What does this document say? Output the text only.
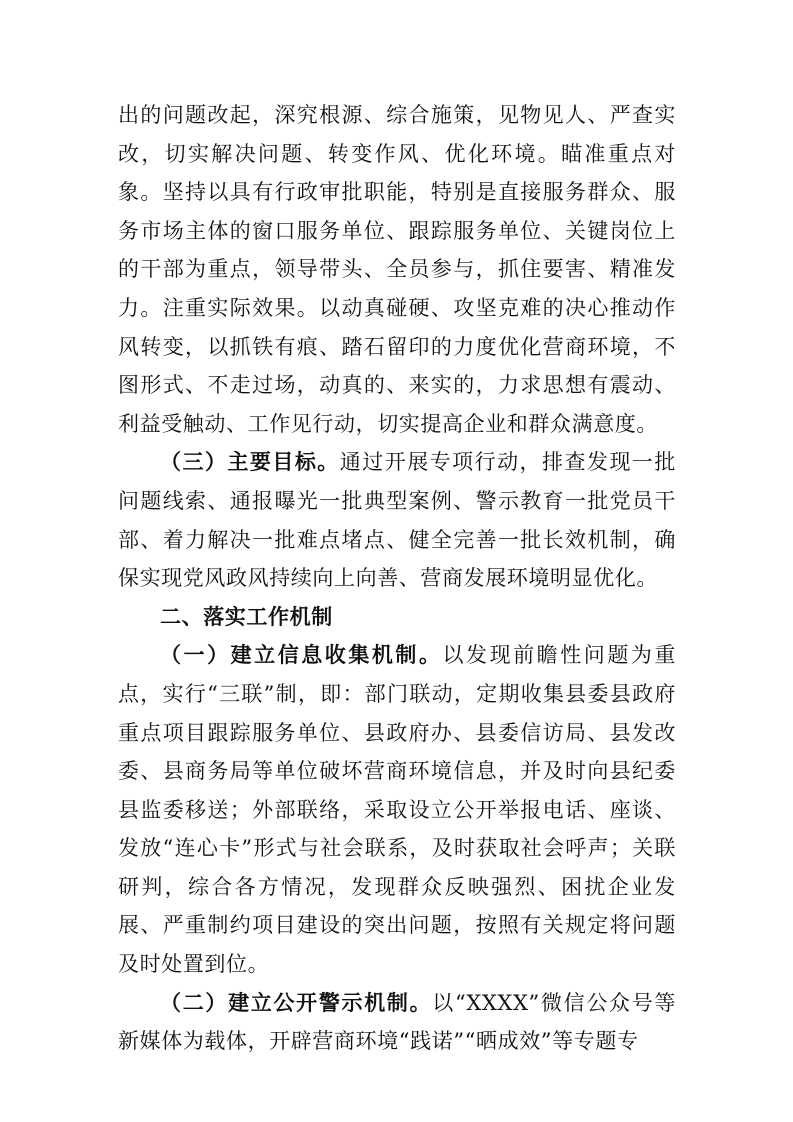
出的问题改起，深究根源、综合施策，见物见人、严查实改，切实解决问题、转变作风、优化环境。瞄准重点对象。坚持以具有行政审批职能，特别是直接服务群众、服务市场主体的窗口服务单位、跟踪服务单位、关键岗位上的干部为重点，领导带头、全员参与，抓住要害、精准发力。注重实际效果。以动真碰硬、攻坚克难的决心推动作风转变，以抓铁有痕、踏石留印的力度优化营商环境，不图形式、不走过场，动真的、来实的，力求思想有震动、利益受触动、工作见行动，切实提高企业和群众满意度。

（三）主要目标。通过开展专项行动，排查发现一批问题线索、通报曝光一批典型案例、警示教育一批党员干部、着力解决一批难点堵点、健全完善一批长效机制，确保实现党风政风持续向上向善、营商发展环境明显优化。

二、落实工作机制

（一）建立信息收集机制。以发现前瞻性问题为重点，实行“三联”制，即：部门联动，定期收集县委县政府重点项目跟踪服务单位、县政府办、县委信访局、县发改委、县商务局等单位破坏营商环境信息，并及时向县纪委县监委移送；外部联络，采取设立公开举报电话、座谈、发放“连心卡”形式与社会联系，及时获取社会呼声；关联研判，综合各方情况，发现群众反映强烈、困扰企业发展、严重制约项目建设的突出问题，按照有关规定将问题及时处置到位。

（二）建立公开警示机制。以“XXXX”微信公众号等新媒体为载体，开辟营商环境“践诺”“晒成效”等专题专
